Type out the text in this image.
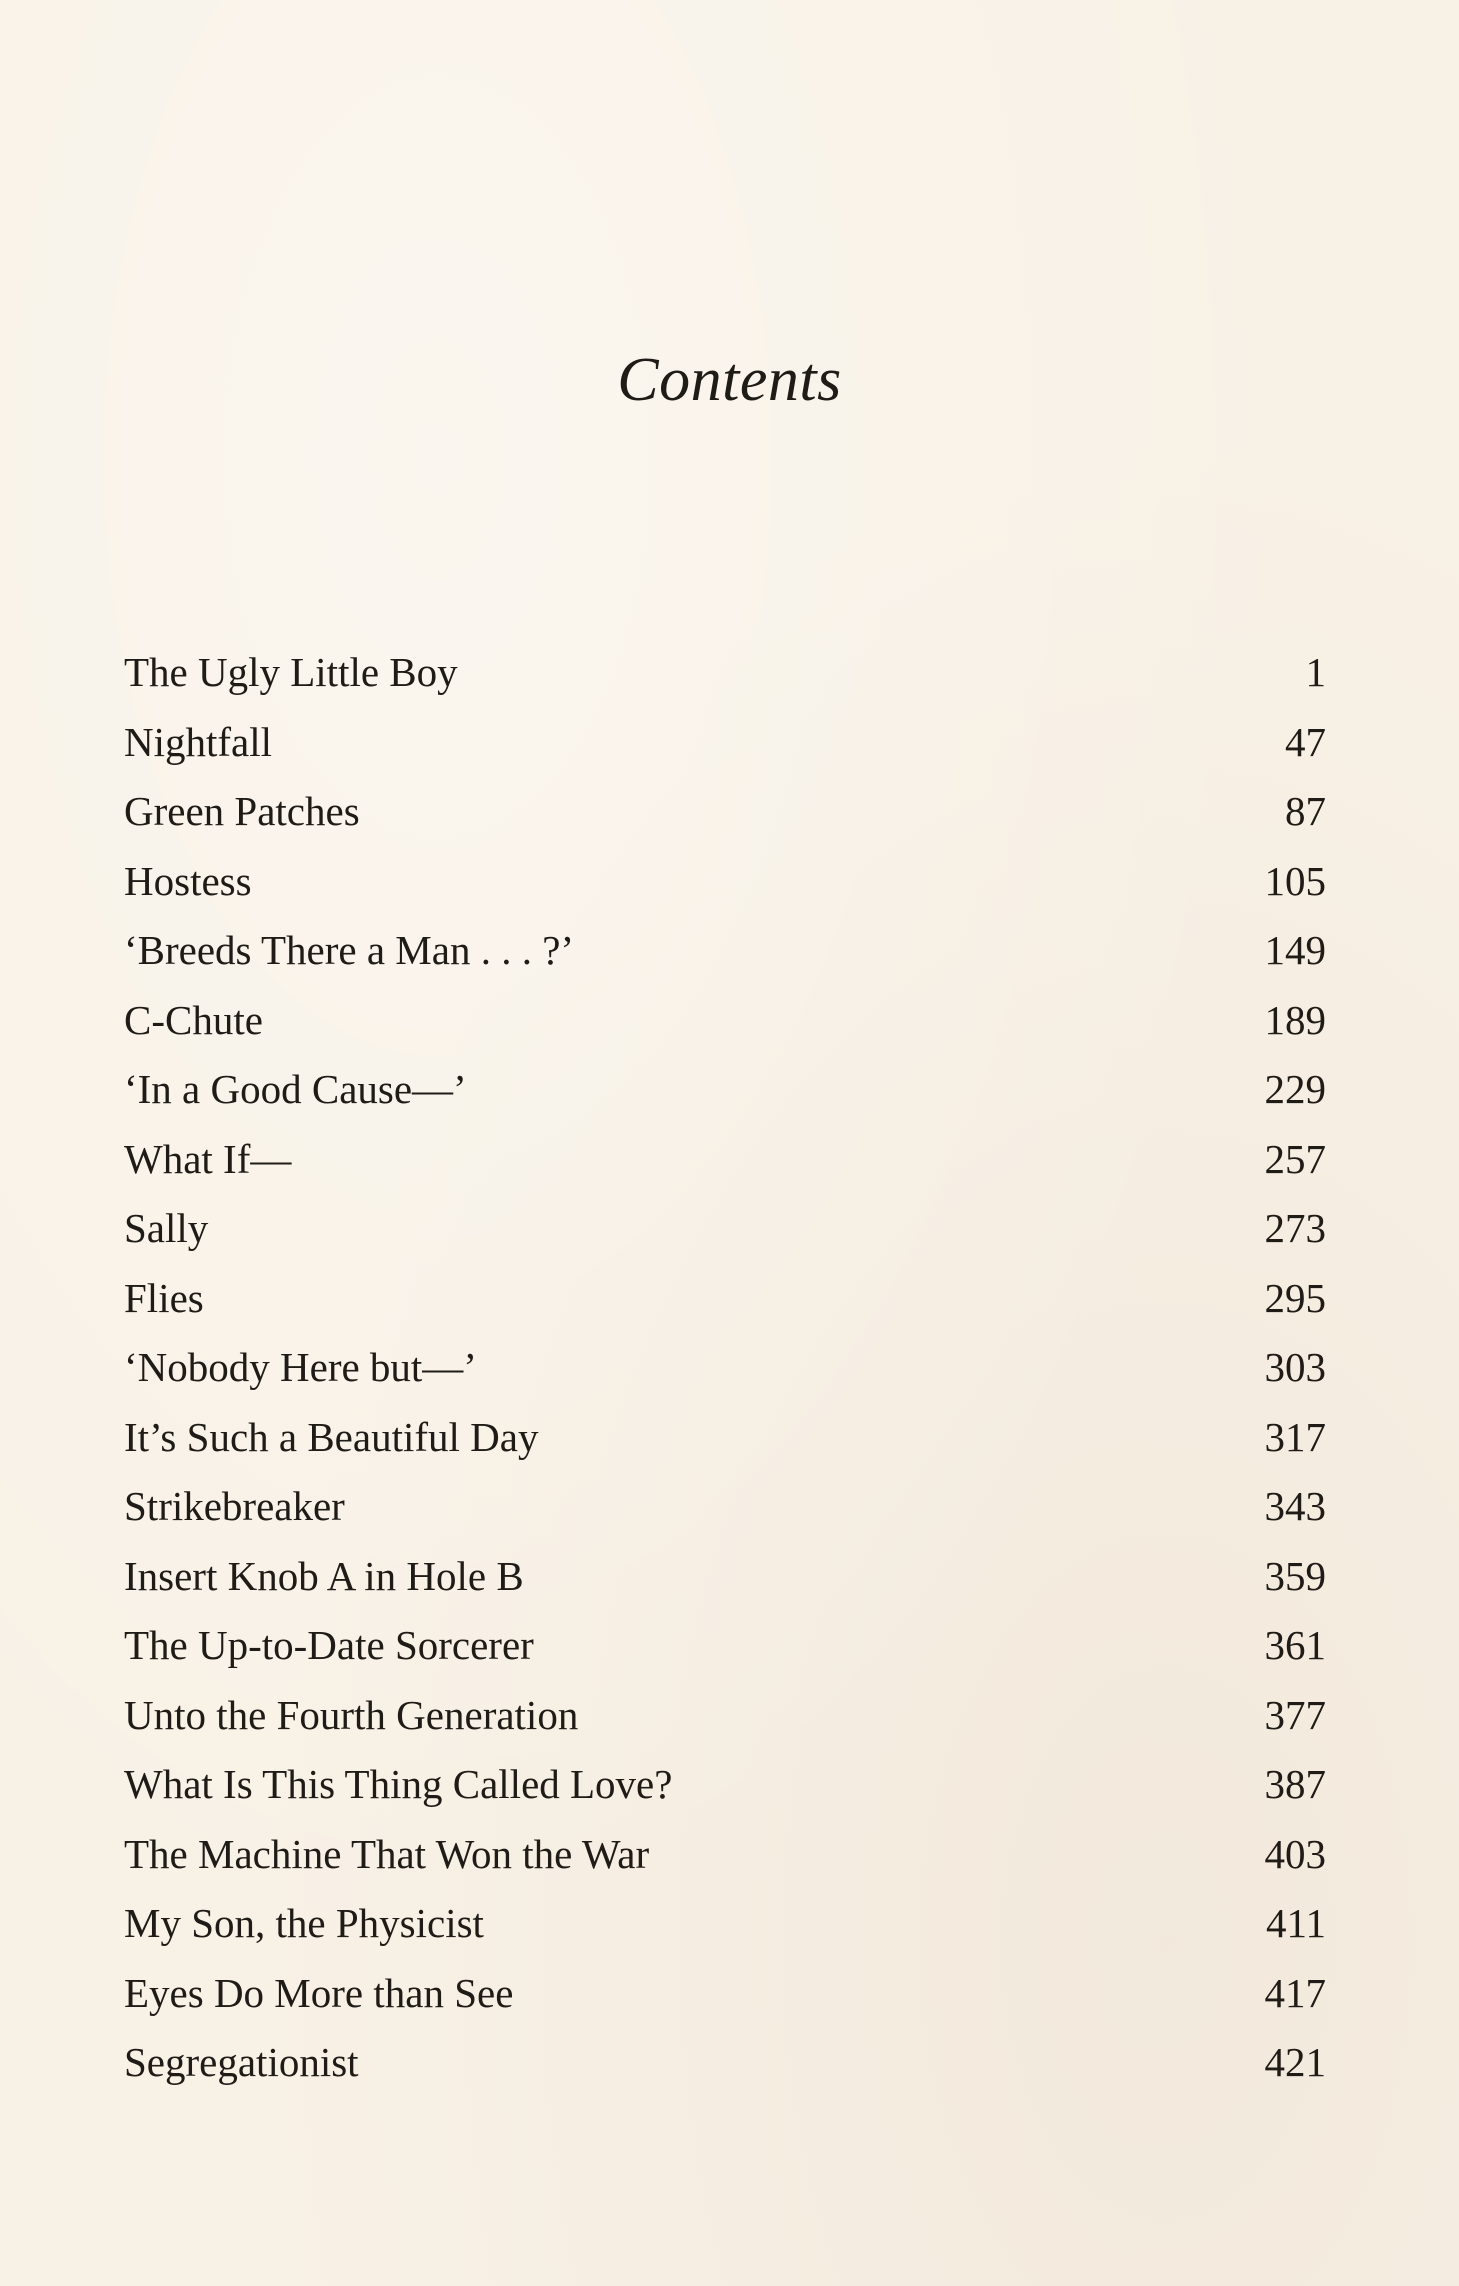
Contents
The Ugly Little Boy	1
Nightfall	47
Green Patches	87
Hostess	105
‘Breeds There a Man . . . ?’	149
C-Chute	189
‘In a Good Cause—’	229
What If—	257
Sally	273
Flies	295
‘Nobody Here but—’	303
It’s Such a Beautiful Day	317
Strikebreaker	343
Insert Knob A in Hole B	359
The Up-to-Date Sorcerer	361
Unto the Fourth Generation	377
What Is This Thing Called Love?	387
The Machine That Won the War	403
My Son, the Physicist	411
Eyes Do More than See	417
Segregationist	421
